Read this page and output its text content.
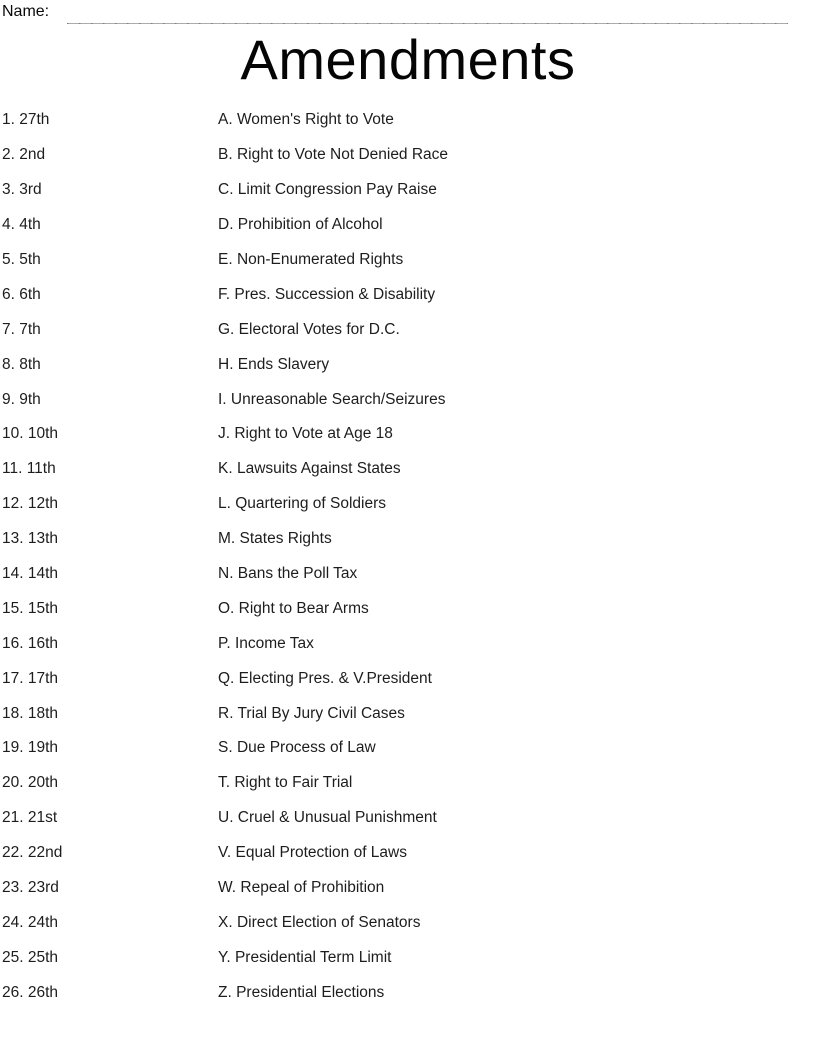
Name:
Amendments
1. 27th	A. Women's Right to Vote
2. 2nd	B. Right to Vote Not Denied Race
3. 3rd	C. Limit Congression Pay Raise
4. 4th	D. Prohibition of Alcohol
5. 5th	E. Non-Enumerated Rights
6. 6th	F. Pres. Succession & Disability
7. 7th	G. Electoral Votes for D.C.
8. 8th	H. Ends Slavery
9. 9th	I. Unreasonable Search/Seizures
10. 10th	J. Right to Vote at Age 18
11. 11th	K. Lawsuits Against States
12. 12th	L. Quartering of Soldiers
13. 13th	M. States Rights
14. 14th	N. Bans the Poll Tax
15. 15th	O. Right to Bear Arms
16. 16th	P. Income Tax
17. 17th	Q. Electing Pres. & V.President
18. 18th	R. Trial By Jury Civil Cases
19. 19th	S. Due Process of Law
20. 20th	T. Right to Fair Trial
21. 21st	U. Cruel & Unusual Punishment
22. 22nd	V. Equal Protection of Laws
23. 23rd	W. Repeal of Prohibition
24. 24th	X. Direct Election of Senators
25. 25th	Y. Presidential Term Limit
26. 26th	Z. Presidential Elections
